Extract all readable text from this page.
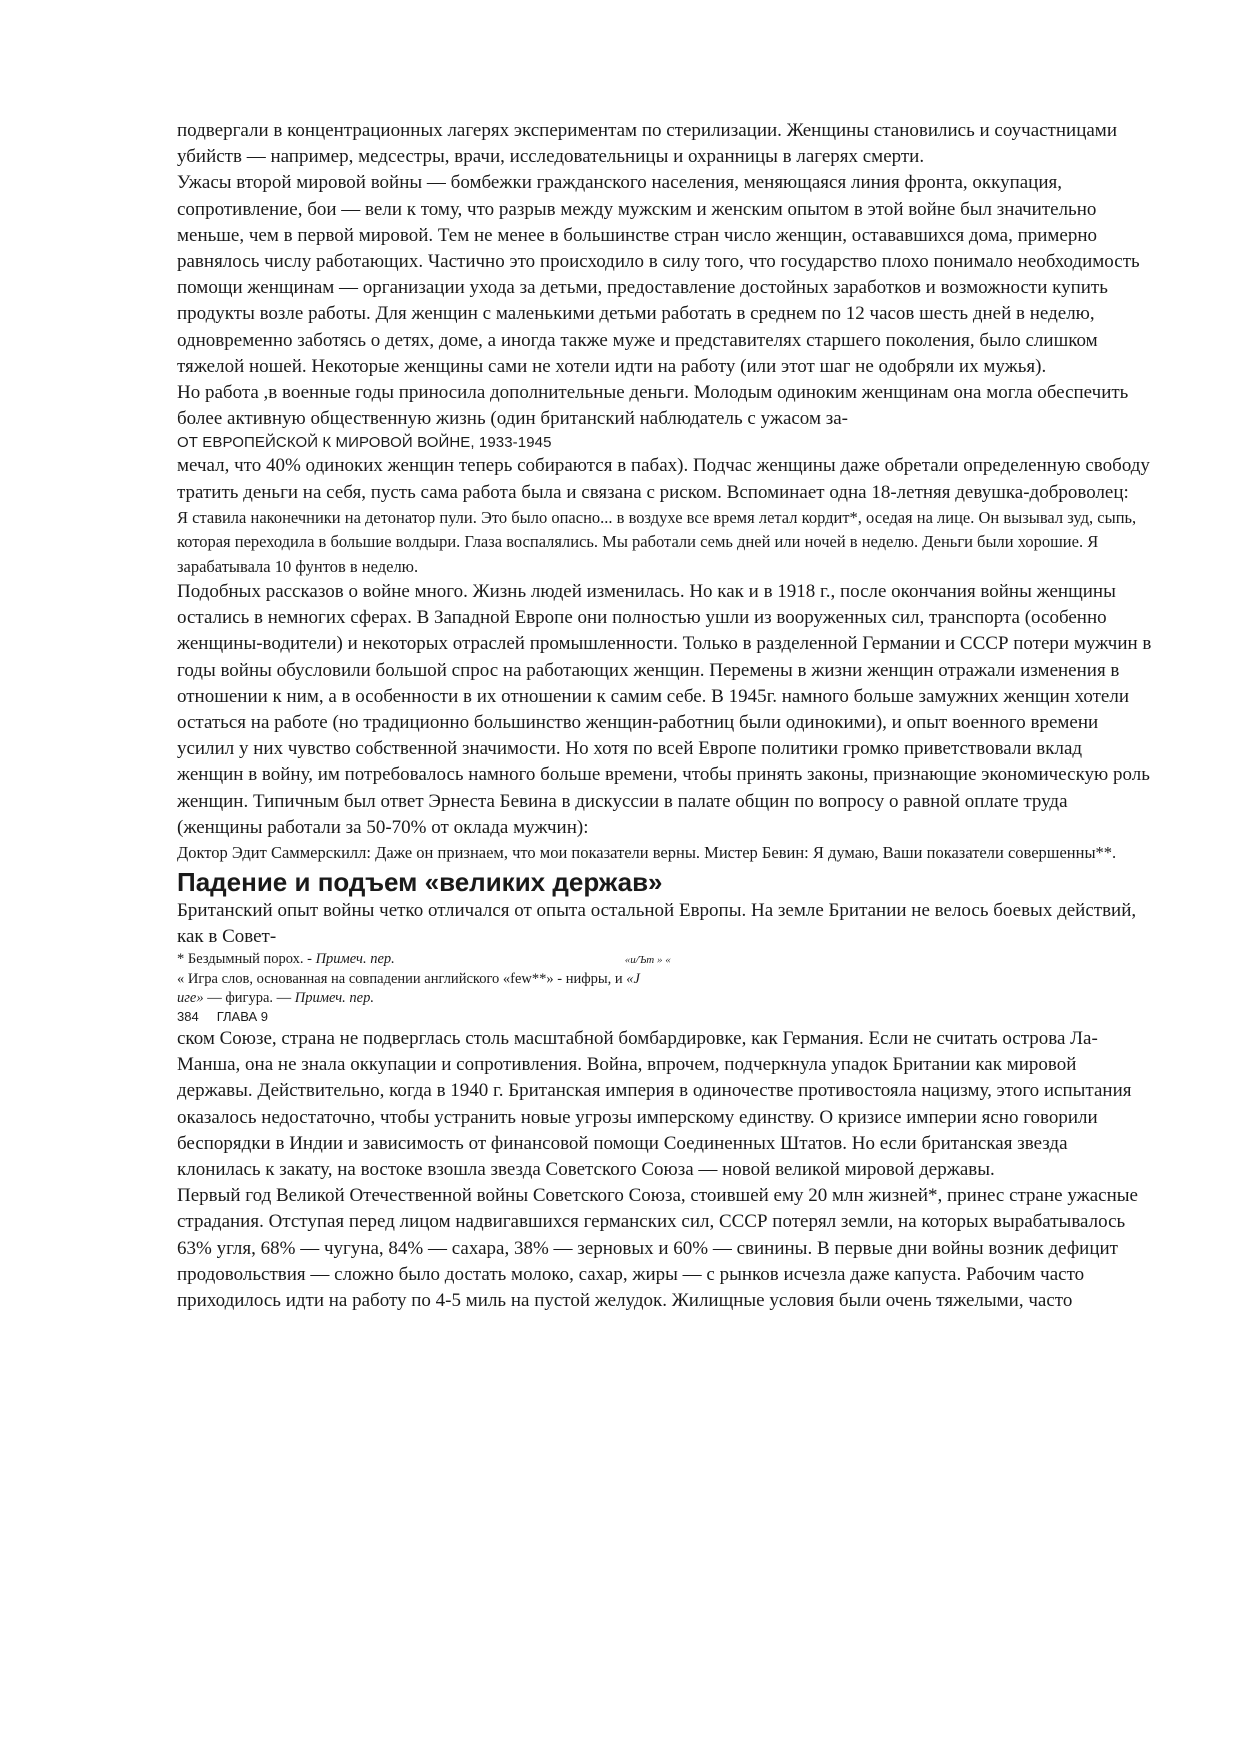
подвергали в концентрационных лагерях экспериментам по стерилизации. Женщины становились и соучастницами убийств — например, медсестры, врачи, исследовательницы и охранницы в лагерях смерти.

Ужасы второй мировой войны — бомбежки гражданского населения, меняющаяся линия фронта, оккупация, сопротивление, бои — вели к тому, что разрыв между мужским и женским опытом в этой войне был значительно меньше, чем в первой мировой. Тем не менее в большинстве стран число женщин, остававшихся дома, примерно равнялось числу работающих. Частично это происходило в силу того, что государство плохо понимало необходимость помощи женщинам — организации ухода за детьми, предоставление достойных заработков и возможности купить продукты возле работы. Для женщин с маленькими детьми работать в среднем по 12 часов шесть дней в неделю, одновременно заботясь о детях, доме, а иногда также муже и представителях старшего поколения, было слишком тяжелой ношей. Некоторые женщины сами не хотели идти на работу (или этот шаг не одобряли их мужья).

Но работа ,в военные годы приносила дополнительные деньги. Молодым одиноким женщинам она могла обеспечить более активную общественную жизнь (один британский наблюдатель с ужасом за-

ОТ ЕВРОПЕЙСКОЙ К МИРОВОЙ ВОЙНЕ, 1933-1945

мечал, что 40% одиноких женщин теперь собираются в пабах). Подчас женщины даже обретали определенную свободу тратить деньги на себя, пусть сама работа была и связана с риском. Вспоминает одна 18-летняя девушка-доброволец:

Я ставила наконечники на детонатор пули. Это было опасно... в воздухе все время летал кордит*, оседая на лице. Он вызывал зуд, сыпь, которая переходила в большие волдыри. Глаза воспалялись. Мы работали семь дней или ночей в неделю. Деньги были хорошие. Я зарабатывала 10 фунтов в неделю.

Подобных рассказов о войне много. Жизнь людей изменилась. Но как и в 1918 г., после окончания войны женщины остались в немногих сферах. В Западной Европе они полностью ушли из вооруженных сил, транспорта (особенно женщины-водители) и некоторых отраслей промышленности. Только в разделенной Германии и СССР потери мужчин в годы войны обусловили большой спрос на работающих женщин. Перемены в жизни женщин отражали изменения в отношении к ним, а в особенности в их отношении к самим себе. В 1945г. намного больше замужних женщин хотели остаться на работе (но традиционно большинство женщин-работниц были одинокими), и опыт военного времени усилил у них чувство собственной значимости. Но хотя по всей Европе политики громко приветствовали вклад женщин в войну, им потребовалось намного больше времени, чтобы принять законы, признающие экономическую роль женщин. Типичным был ответ Эрнеста Бевина в дискуссии в палате общин по вопросу о равной оплате труда (женщины работали за 50-70% от оклада мужчин):

Доктор Эдит Саммерскилл: Даже он признаем, что мои показатели верны. Мистер Бевин: Я думаю, Ваши показатели совершенны**.

Падение и подъем «великих держав»

Британский опыт войны четко отличался от опыта остальной Европы. На земле Британии не велось боевых действий, как в Совет-

* Бездымный порох. - Примеч. пер.	«и/Ъm » «

« Игра слов, основанная на совпадении английского «few**» - нифры, и «J

иге» — фигура. — Примеч. пер.

384 ГЛАВА 9

ском Союзе, страна не подверглась столь масштабной бомбардировке, как Германия. Если не считать острова Ла-Манша, она не знала оккупации и сопротивления. Война, впрочем, подчеркнула упадок Британии как мировой державы. Действительно, когда в 1940 г. Британская империя в одиночестве противостояла нацизму, этого испытания оказалось недостаточно, чтобы устранить новые угрозы имперскому единству. О кризисе империи ясно говорили беспорядки в Индии и зависимость от финансовой помощи Соединенных Штатов. Но если британская звезда клонилась к закату, на востоке взошла звезда Советского Союза — новой великой мировой державы.

Первый год Великой Отечественной войны Советского Союза, стоившей ему 20 млн жизней*, принес стране ужасные страдания. Отступая перед лицом надвигавшихся германских сил, СССР потерял земли, на которых вырабатывалось 63% угля, 68% — чугуна, 84% — сахара, 38% — зерновых и 60% — свинины. В первые дни войны возник дефицит продовольствия — сложно было достать молоко, сахар, жиры — с рынков исчезла даже капуста. Рабочим часто приходилось идти на работу по 4-5 миль на пустой желудок. Жилищные условия были очень тяжелыми, часто
